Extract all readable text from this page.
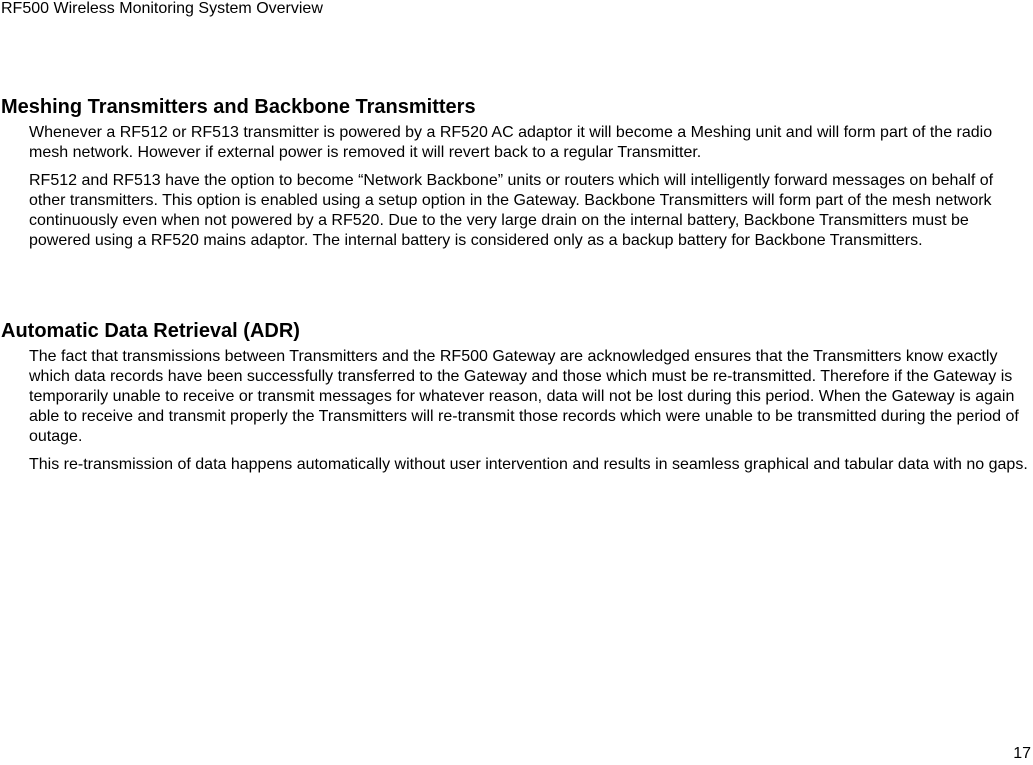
RF500 Wireless Monitoring System Overview
Meshing Transmitters and Backbone Transmitters

Whenever a RF512 or RF513 transmitter is powered by a RF520 AC adaptor it will become a Meshing unit and will form part of the radio mesh network. However if external power is removed it will revert back to a regular Transmitter.

RF512 and RF513 have the option to become “Network Backbone” units or routers which will intelligently forward messages on behalf of other transmitters. This option is enabled using a setup option in the Gateway. Backbone Transmitters will form part of the mesh network continuously even when not powered by a RF520. Due to the very large drain on the internal battery, Backbone Transmitters must be powered using a RF520 mains adaptor. The internal battery is considered only as a backup battery for Backbone Transmitters.

Automatic Data Retrieval (ADR)

The fact that transmissions between Transmitters and the RF500 Gateway are acknowledged ensures that the Transmitters know exactly which data records have been successfully transferred to the Gateway and those which must be re-transmitted. Therefore if the Gateway is temporarily unable to receive or transmit messages for whatever reason, data will not be lost during this period. When the Gateway is again able to receive and transmit properly the Transmitters will re-transmit those records which were unable to be transmitted during the period of outage.

This re-transmission of data happens automatically without user intervention and results in seamless graphical and tabular data with no gaps.

17
